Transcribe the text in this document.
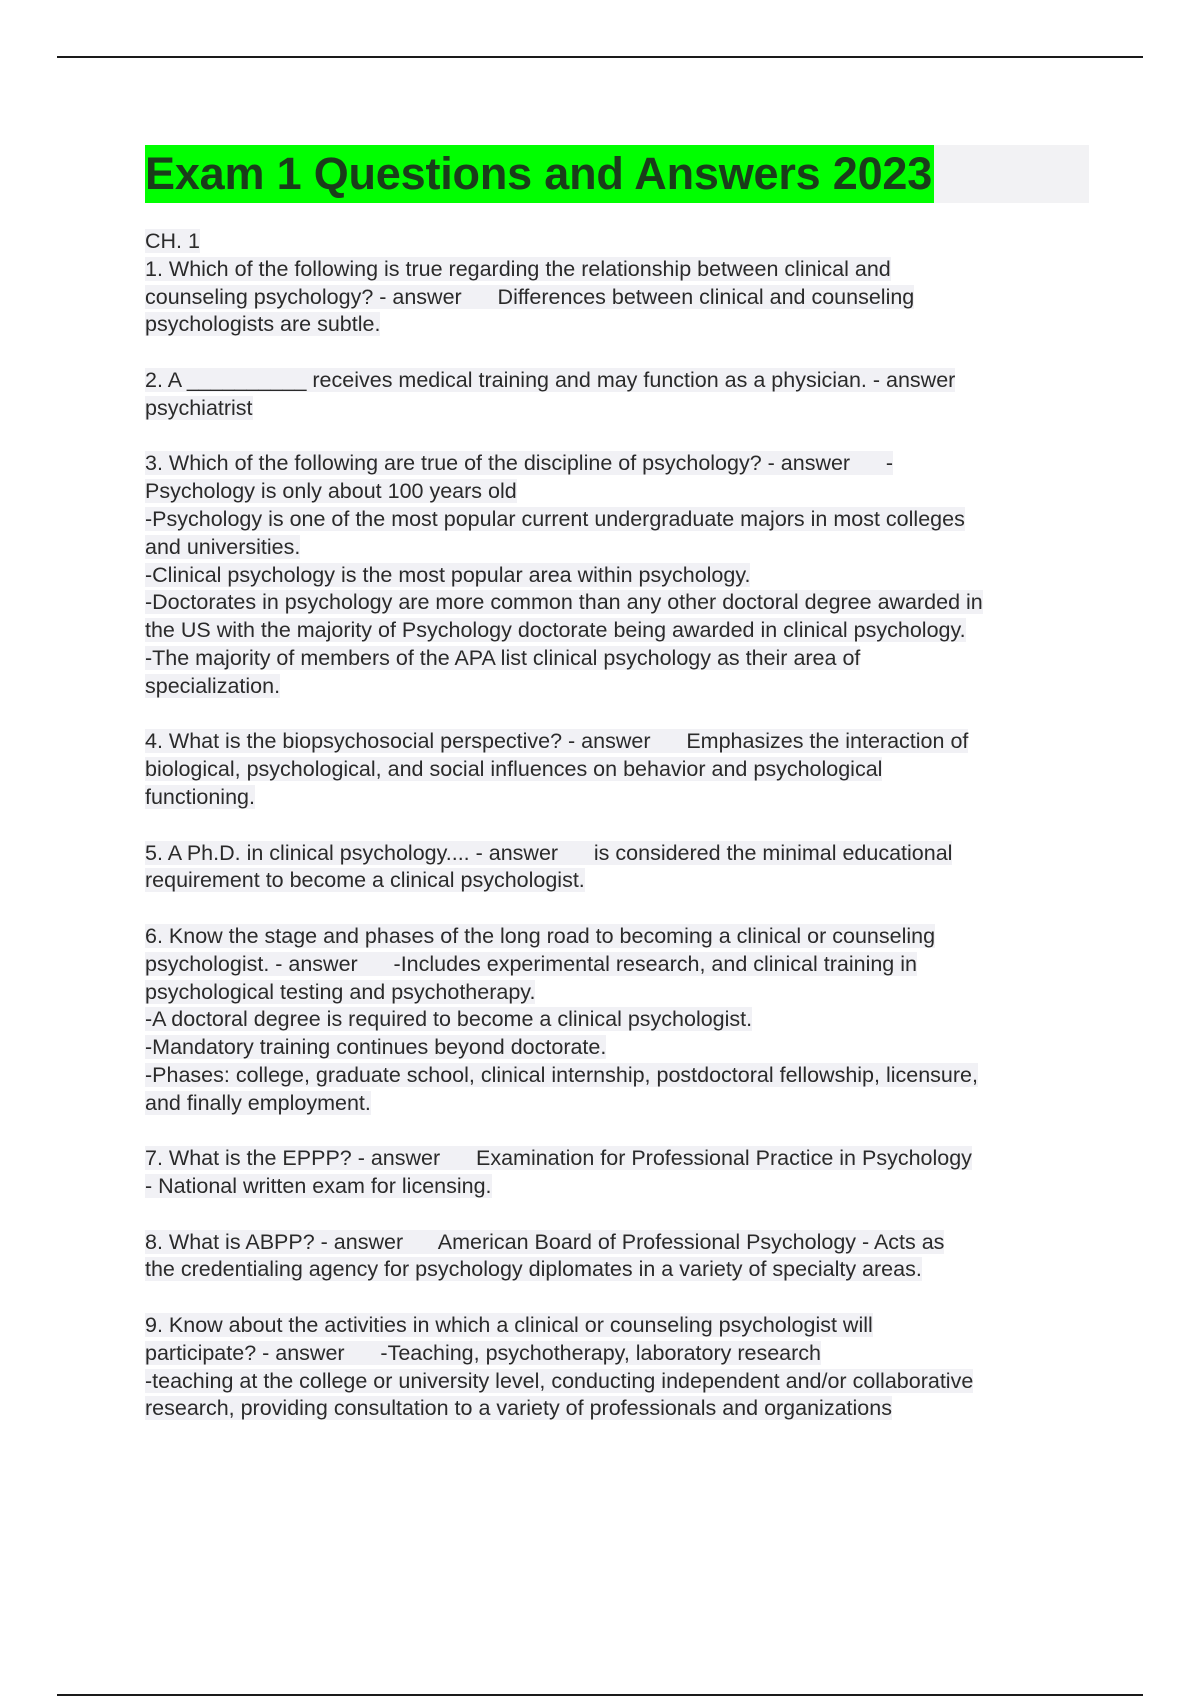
Exam 1 Questions and Answers 2023
CH. 1
1. Which of the following is true regarding the relationship between clinical and
counseling psychology? - answer      Differences between clinical and counseling
psychologists are subtle.
2. A __________ receives medical training and may function as a physician. - answer
psychiatrist
3. Which of the following are true of the discipline of psychology? - answer      -
Psychology is only about 100 years old
-Psychology is one of the most popular current undergraduate majors in most colleges
and universities.
-Clinical psychology is the most popular area within psychology.
-Doctorates in psychology are more common than any other doctoral degree awarded in
the US with the majority of Psychology doctorate being awarded in clinical psychology.
-The majority of members of the APA list clinical psychology as their area of
specialization.
4. What is the biopsychosocial perspective? - answer      Emphasizes the interaction of
biological, psychological, and social influences on behavior and psychological
functioning.
5. A Ph.D. in clinical psychology.... - answer      is considered the minimal educational
requirement to become a clinical psychologist.
6. Know the stage and phases of the long road to becoming a clinical or counseling
psychologist. - answer      -Includes experimental research, and clinical training in
psychological testing and psychotherapy.
-A doctoral degree is required to become a clinical psychologist.
-Mandatory training continues beyond doctorate.
-Phases: college, graduate school, clinical internship, postdoctoral fellowship, licensure,
and finally employment.
7. What is the EPPP? - answer      Examination for Professional Practice in Psychology
- National written exam for licensing.
8. What is ABPP? - answer      American Board of Professional Psychology - Acts as
the credentialing agency for psychology diplomates in a variety of specialty areas.
9. Know about the activities in which a clinical or counseling psychologist will
participate? - answer      -Teaching, psychotherapy, laboratory research
-teaching at the college or university level, conducting independent and/or collaborative
research, providing consultation to a variety of professionals and organizations
